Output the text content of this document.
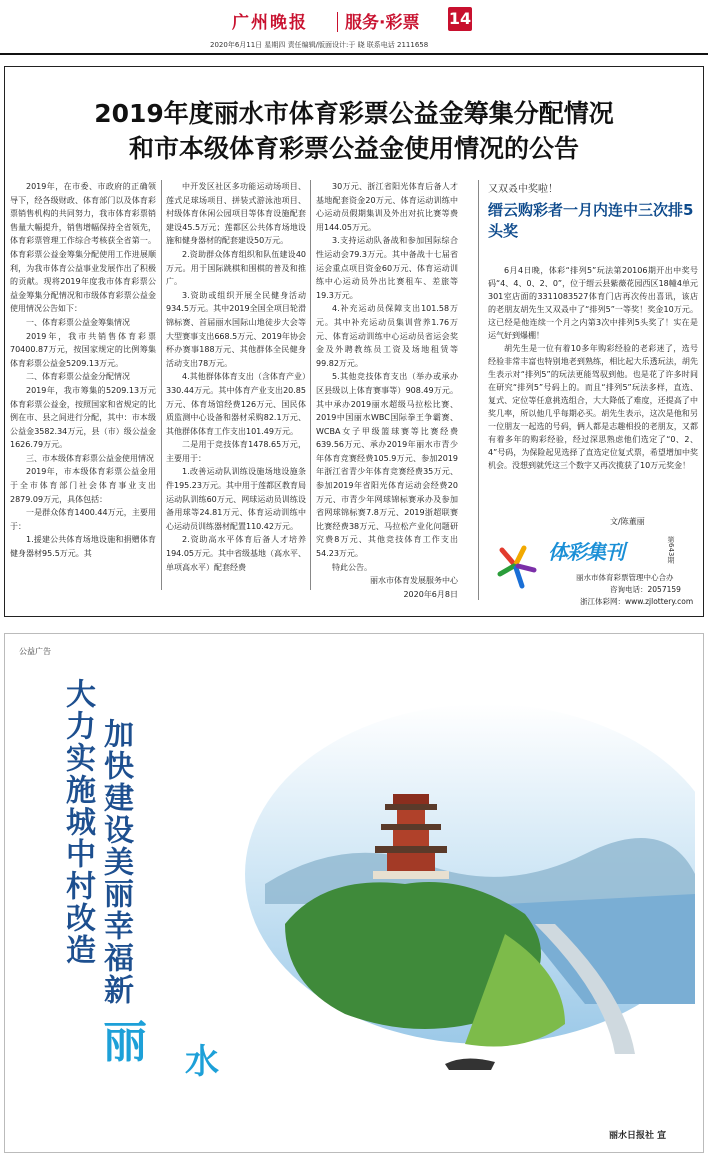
广州晚报 服务·彩票 14
2020年6月11日 星期四 责任编辑/版面设计:于 晓 联系电话 2111658
2019年度丽水市体育彩票公益金筹集分配情况
和市本级体育彩票公益金使用情况的公告

2019年，在市委、市政府的正确领导下，经各级财政、体育部门以及体育彩票销售机构的共同努力，我市体育彩票销售量大幅提升，销售增幅保持全省领先，体育彩票管理工作综合考核获全省第一。体育彩票公益金筹集分配使用工作进展顺利，为我市体育公益事业发展作出了积极的贡献。现将2019年度我市体育彩票公益金筹集分配情况和市级体育彩票公益金使用情况公告如下：

一、体育彩票公益金筹集情况

2019年，我市共销售体育彩票70400.87万元，按国家规定的比例筹集体育彩票公益金5209.13万元。

二、体育彩票公益金分配情况

2019年，我市筹集的5209.13万元体育彩票公益金，按照国家和省规定的比例在市、县之间进行分配，其中：市本级公益金3582.34万元，县（市）级公益金1626.79万元。

三、市本级体育彩票公益金使用情况

2019年，市本级体育彩票公益金用于全市体育部门社会体育事业支出2879.09万元，具体包括：

一是群众体育1400.44万元，主要用于：

1.援建公共体育场地设施和捐赠体育健身器材95.5万元。其

中开发区社区多功能运动场项目、莲式足球场项目、拼装式游泳池项目、村级体育休闲公园项目等体育设施配套建设45.5万元；莲都区公共体育场地设施和健身器材的配套建设50万元。

2.资助群众体育组织和队伍建设40万元。用于国际跳棋和围棋的普及和推广。

3.资助或组织开展全民健身活动934.5万元。其中2019全国全项目轮滑锦标赛、首届丽水国际山地徒步大会等大型赛事支出668.5万元、2019年协会杯办赛事188万元、其他群体全民健身活动支出78万元。

4.其他群体体育支出（含体育产业）330.44万元。其中体育产业支出20.85万元、体育场馆经费126万元、国民体质监测中心设备和器材采购82.1万元、其他群体体育工作支出101.49万元。

二是用于竞技体育1478.65万元，主要用于：

1.改善运动队训练设施场地设施条件195.23万元。其中用于莲都区教育局运动队训练60万元、网球运动员训练设备用球等24.81万元、体育运动训练中心运动员训练器材配置110.42万元。

2.资助高水平体育后备人才培养194.05万元。其中省级基地（高水平、单项高水平）配套经费

30万元、浙江省阳光体育后备人才基地配套资金20万元、体育运动训练中心运动员假期集训及外出对抗比赛等费用144.05万元。

3.支持运动队备战和参加国际综合性运动会79.3万元。其中备战十七届省运会重点项目资金60万元、体育运动训练中心运动员外出比赛租车、差旅等19.3万元。

4.补充运动员保障支出101.58万元。其中补充运动员集训营养1.76万元、体育运动训练中心运动员省运会奖金及外聘教练员工资及场地租赁等99.82万元。

5.其他竞技体育支出（举办或承办区县级以上体育赛事等）908.49万元。其中承办2019丽水超级马拉松比赛、2019中国丽水WBC国际拳王争霸赛、WCBA女子甲级篮球赛等比赛经费639.56万元、承办2019年丽水市青少年体育竞赛经费105.9万元、参加2019年浙江省青少年体育竞赛经费35万元、参加2019年省阳光体育运动会经费20万元、市青少年网球锦标赛承办及参加省网球锦标赛7.8万元、2019浙超联赛比赛经费38万元、马拉松产业化问题研究费8万元、其他竞技体育工作支出54.23万元。

特此公告。

丽水市体育发展服务中心

2020年6月8日

又双叒中奖啦！
缙云购彩者一月内连中三次排5头奖

6月4日晚，体彩“排列5”玩法第20106期开出中奖号码“4、4、0、2、0”，位于缙云县紫薇花园西区18幢4单元301室店面的3311083527体育门店再次传出喜讯，该店的老朋友胡先生又双叒中了“排列5”一等奖！奖金10万元。这已经是他连续一个月之内第3次中排列5头奖了！实在是运气好到爆棚！

胡先生是一位有着10多年购彩经验的老彩迷了，选号经验非常丰富也特别地老到熟练，相比起大乐透玩法，胡先生表示对“排列5”的玩法更能驾驭到他。也是花了许多时间在研究“排列5”号码上的。而且“排列5”玩法多样，直选、复式、定位等任意挑选组合，大大降低了难度，还提高了中奖几率，所以他几乎每期必买。胡先生表示，这次是他和另一位朋友一起选的号码，俩人都是志趣相投的老朋友，又都有着多年的购彩经验，经过深思熟虑他们选定了“0、2、4”号码，为保险起见选择了直选定位复式票，希望增加中奖机会。没想到就凭这三个数字又再次揽获了10万元奖金！

文/陈董丽
体彩集刊	第643期
丽水市体育彩票管理中心合办
咨询电话：2057159
浙江体彩网：www.zjlottery.com
公益广告
大力实施城中村改造 加快建设美丽幸福新
丽 水
丽水日报社 宣
